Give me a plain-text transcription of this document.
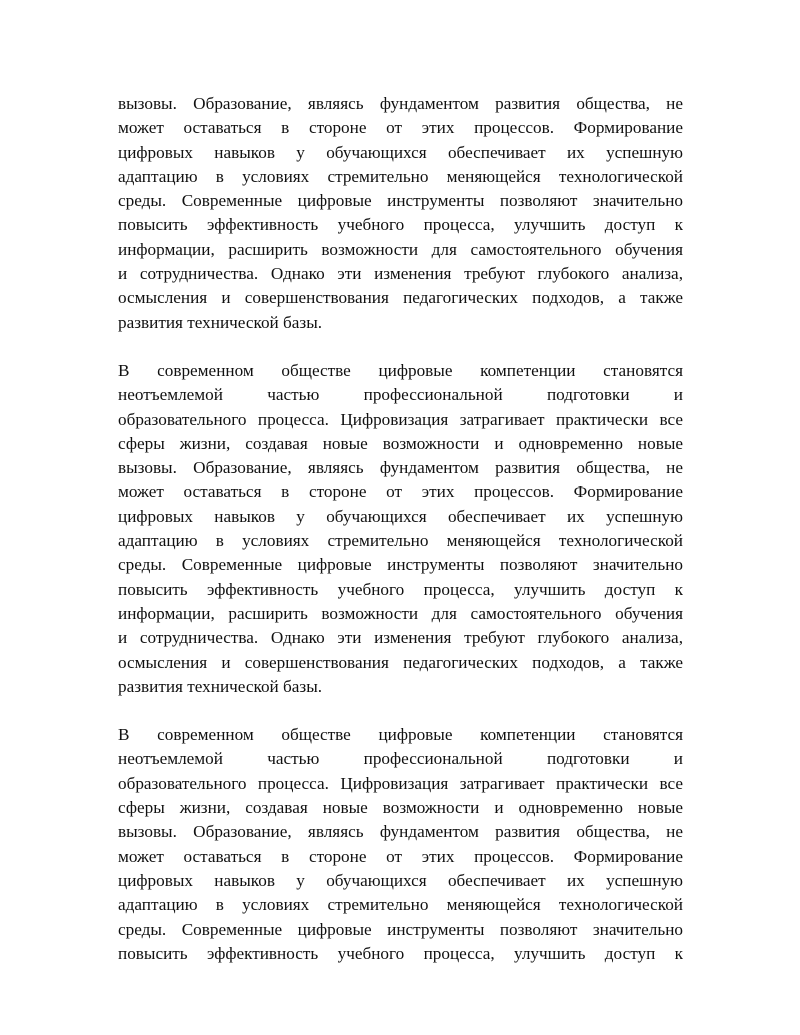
вызовы. Образование, являясь фундаментом развития общества, не
может оставаться в стороне от этих процессов. Формирование
цифровых навыков у обучающихся обеспечивает их успешную
адаптацию в условиях стремительно меняющейся технологической
среды. Современные цифровые инструменты позволяют значительно
повысить эффективность учебного процесса, улучшить доступ к
информации, расширить возможности для самостоятельного обучения
и сотрудничества. Однако эти изменения требуют глубокого анализа,
осмысления и совершенствования педагогических подходов, а также
развития технической базы.

В современном обществе цифровые компетенции становятся
неотъемлемой частью профессиональной подготовки и
образовательного процесса. Цифровизация затрагивает практически все
сферы жизни, создавая новые возможности и одновременно новые
вызовы. Образование, являясь фундаментом развития общества, не
может оставаться в стороне от этих процессов. Формирование
цифровых навыков у обучающихся обеспечивает их успешную
адаптацию в условиях стремительно меняющейся технологической
среды. Современные цифровые инструменты позволяют значительно
повысить эффективность учебного процесса, улучшить доступ к
информации, расширить возможности для самостоятельного обучения
и сотрудничества. Однако эти изменения требуют глубокого анализа,
осмысления и совершенствования педагогических подходов, а также
развития технической базы.

В современном обществе цифровые компетенции становятся
неотъемлемой частью профессиональной подготовки и
образовательного процесса. Цифровизация затрагивает практически все
сферы жизни, создавая новые возможности и одновременно новые
вызовы. Образование, являясь фундаментом развития общества, не
может оставаться в стороне от этих процессов. Формирование
цифровых навыков у обучающихся обеспечивает их успешную
адаптацию в условиях стремительно меняющейся технологической
среды. Современные цифровые инструменты позволяют значительно
повысить эффективность учебного процесса, улучшить доступ к
